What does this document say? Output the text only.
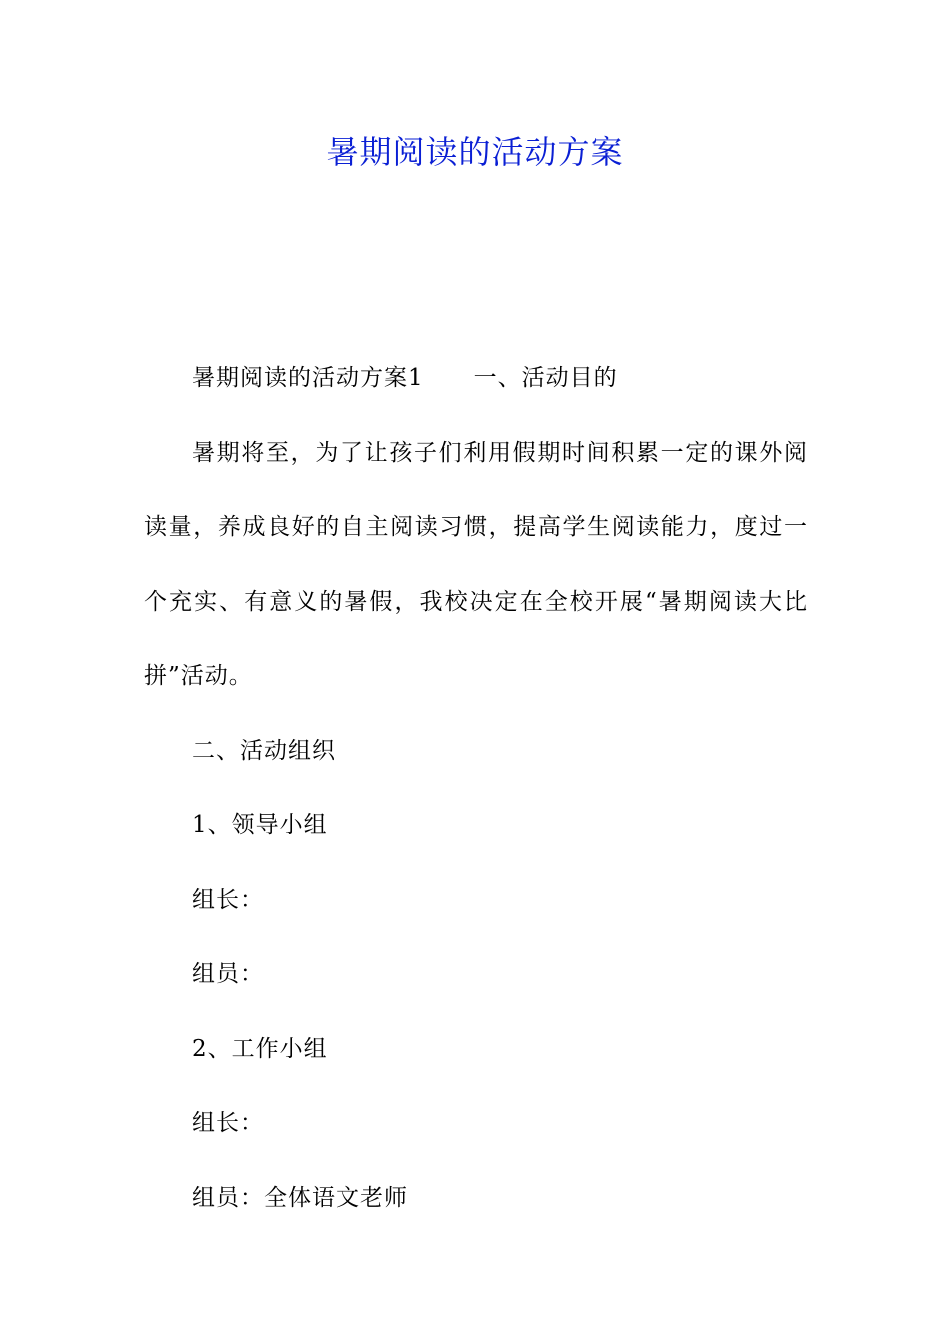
暑期阅读的活动方案

暑期阅读的活动方案1 一、活动目的

暑期将至，为了让孩子们利用假期时间积累一定的课外阅读量，养成良好的自主阅读习惯，提高学生阅读能力，度过一个充实、有意义的暑假，我校决定在全校开展“暑期阅读大比拼”活动。

二、活动组织

1、领导小组

组长：

组员：

2、工作小组

组长：

组员：全体语文老师
